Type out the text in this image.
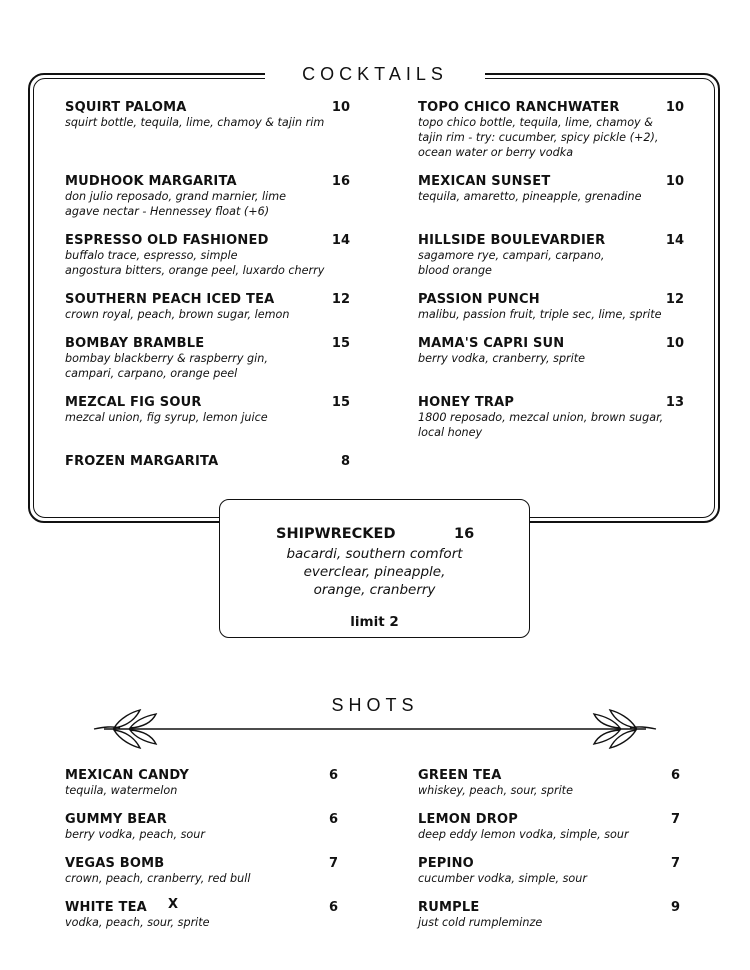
COCKTAILS
SQUIRT PALOMA	10
squirt bottle, tequila, lime, chamoy & tajin rim
MUDHOOK MARGARITA	16
don julio reposado, grand marnier, lime
agave nectar - Hennessey float (+6)
ESPRESSO OLD FASHIONED	14
buffalo trace, espresso, simple
angostura bitters, orange peel, luxardo cherry
SOUTHERN PEACH ICED TEA	12
crown royal, peach, brown sugar, lemon
BOMBAY BRAMBLE	15
bombay blackberry & raspberry gin,
campari, carpano, orange peel
MEZCAL FIG SOUR	15
mezcal union, fig syrup, lemon juice
FROZEN MARGARITA	8
TOPO CHICO RANCHWATER	10
topo chico bottle, tequila, lime, chamoy &
tajin rim - try: cucumber, spicy pickle (+2),
ocean water or berry vodka
MEXICAN SUNSET	10
tequila, amaretto, pineapple, grenadine
HILLSIDE BOULEVARDIER	14
sagamore rye, campari, carpano,
blood orange
PASSION PUNCH	12
malibu, passion fruit, triple sec, lime, sprite
MAMA'S CAPRI SUN	10
berry vodka, cranberry, sprite
HONEY TRAP	13
1800 reposado, mezcal union, brown sugar,
local honey
SHIPWRECKED	16
bacardi, southern comfort
everclear, pineapple,
orange, cranberry
limit 2
SHOTS
MEXICAN CANDY	6
tequila, watermelon
GUMMY BEAR	6
berry vodka, peach, sour
VEGAS BOMB	7
crown, peach, cranberry, red bull
WHITE TEA	6
vodka, peach, sour, sprite
X
GREEN TEA	6
whiskey, peach, sour, sprite
LEMON DROP	7
deep eddy lemon vodka, simple, sour
PEPINO	7
cucumber vodka, simple, sour
RUMPLE	9
just cold rumpleminze
